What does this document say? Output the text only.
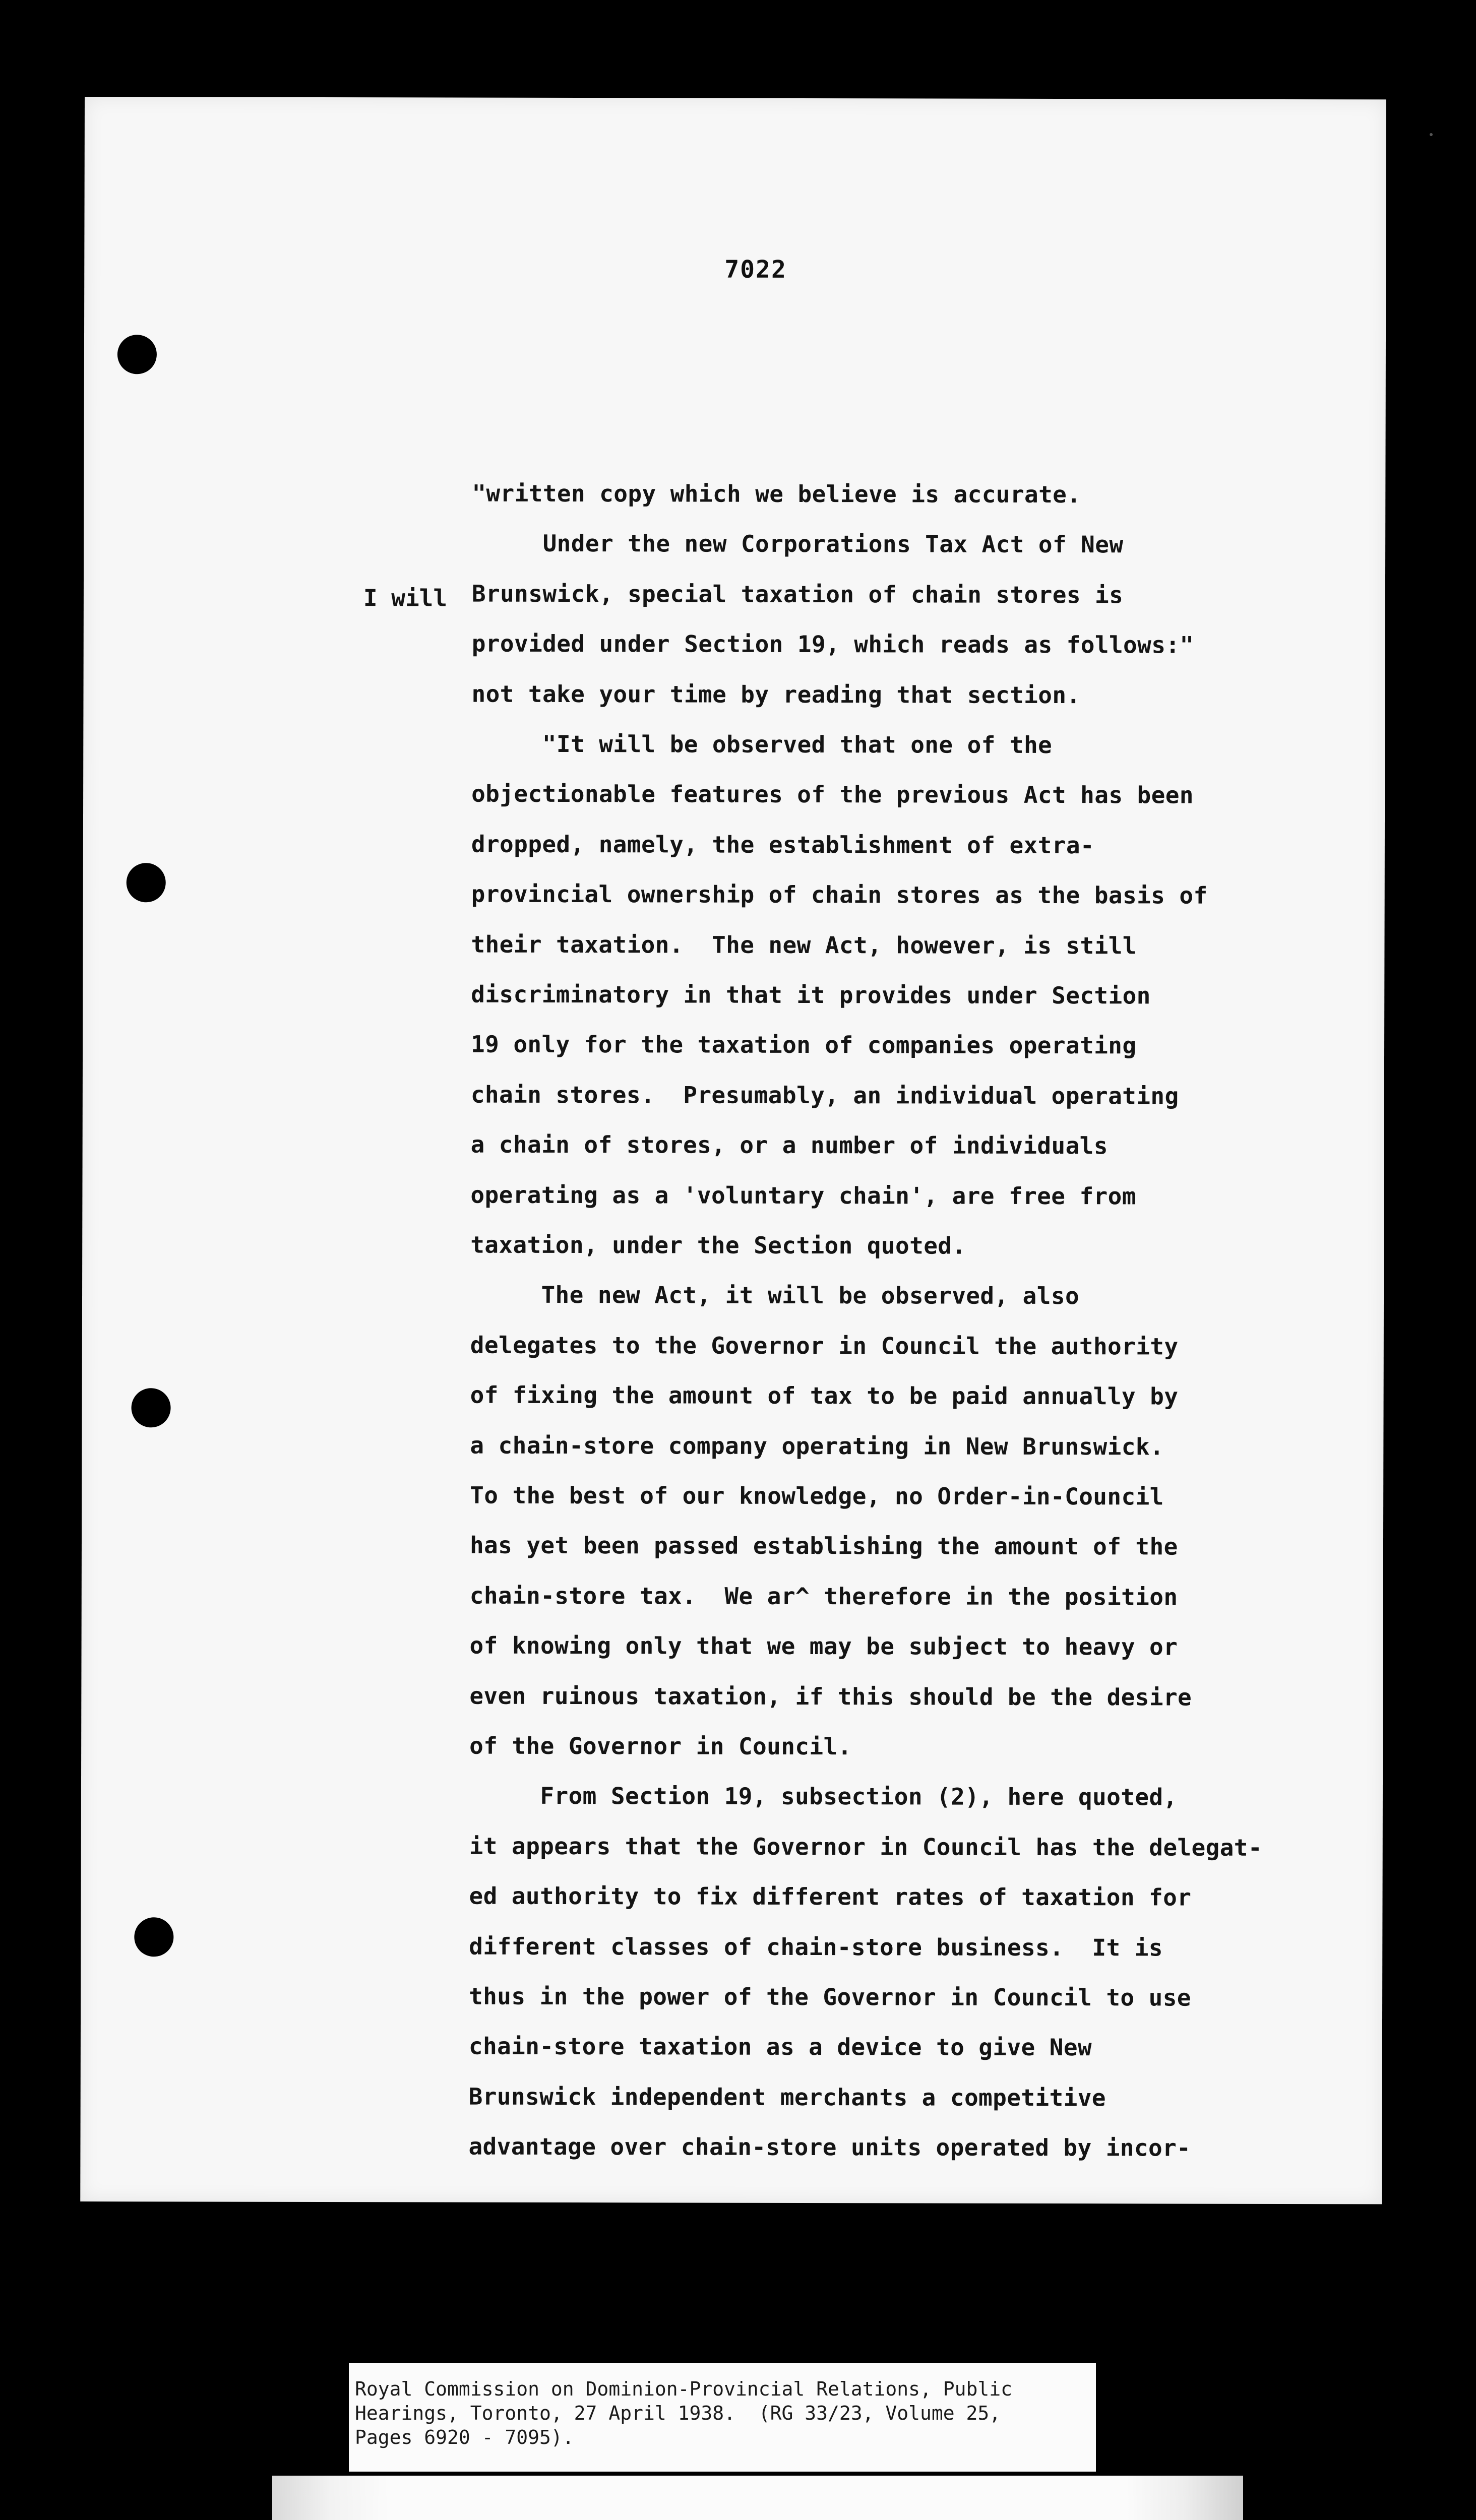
7022
I will
"written copy which we believe is accurate.
Under the new Corporations Tax Act of New
Brunswick, special taxation of chain stores is
provided under Section 19, which reads as follows:"
not take your time by reading that section.
"It will be observed that one of the
objectionable features of the previous Act has been
dropped, namely, the establishment of extra-
provincial ownership of chain stores as the basis of
their taxation.  The new Act, however, is still
discriminatory in that it provides under Section
19 only for the taxation of companies operating
chain stores.  Presumably, an individual operating
a chain of stores, or a number of individuals
operating as a 'voluntary chain', are free from
taxation, under the Section quoted.
The new Act, it will be observed, also
delegates to the Governor in Council the authority
of fixing the amount of tax to be paid annually by
a chain-store company operating in New Brunswick.
To the best of our knowledge, no Order-in-Council
has yet been passed establishing the amount of the
chain-store tax.  We ar^ therefore in the position
of knowing only that we may be subject to heavy or
even ruinous taxation, if this should be the desire
of the Governor in Council.
From Section 19, subsection (2), here quoted,
it appears that the Governor in Council has the delegat-
ed authority to fix different rates of taxation for
different classes of chain-store business.  It is
thus in the power of the Governor in Council to use
chain-store taxation as a device to give New
Brunswick independent merchants a competitive
advantage over chain-store units operated by incor-
Royal Commission on Dominion-Provincial Relations, Public
Hearings, Toronto, 27 April 1938.  (RG 33/23, Volume 25,
Pages 6920 - 7095).
